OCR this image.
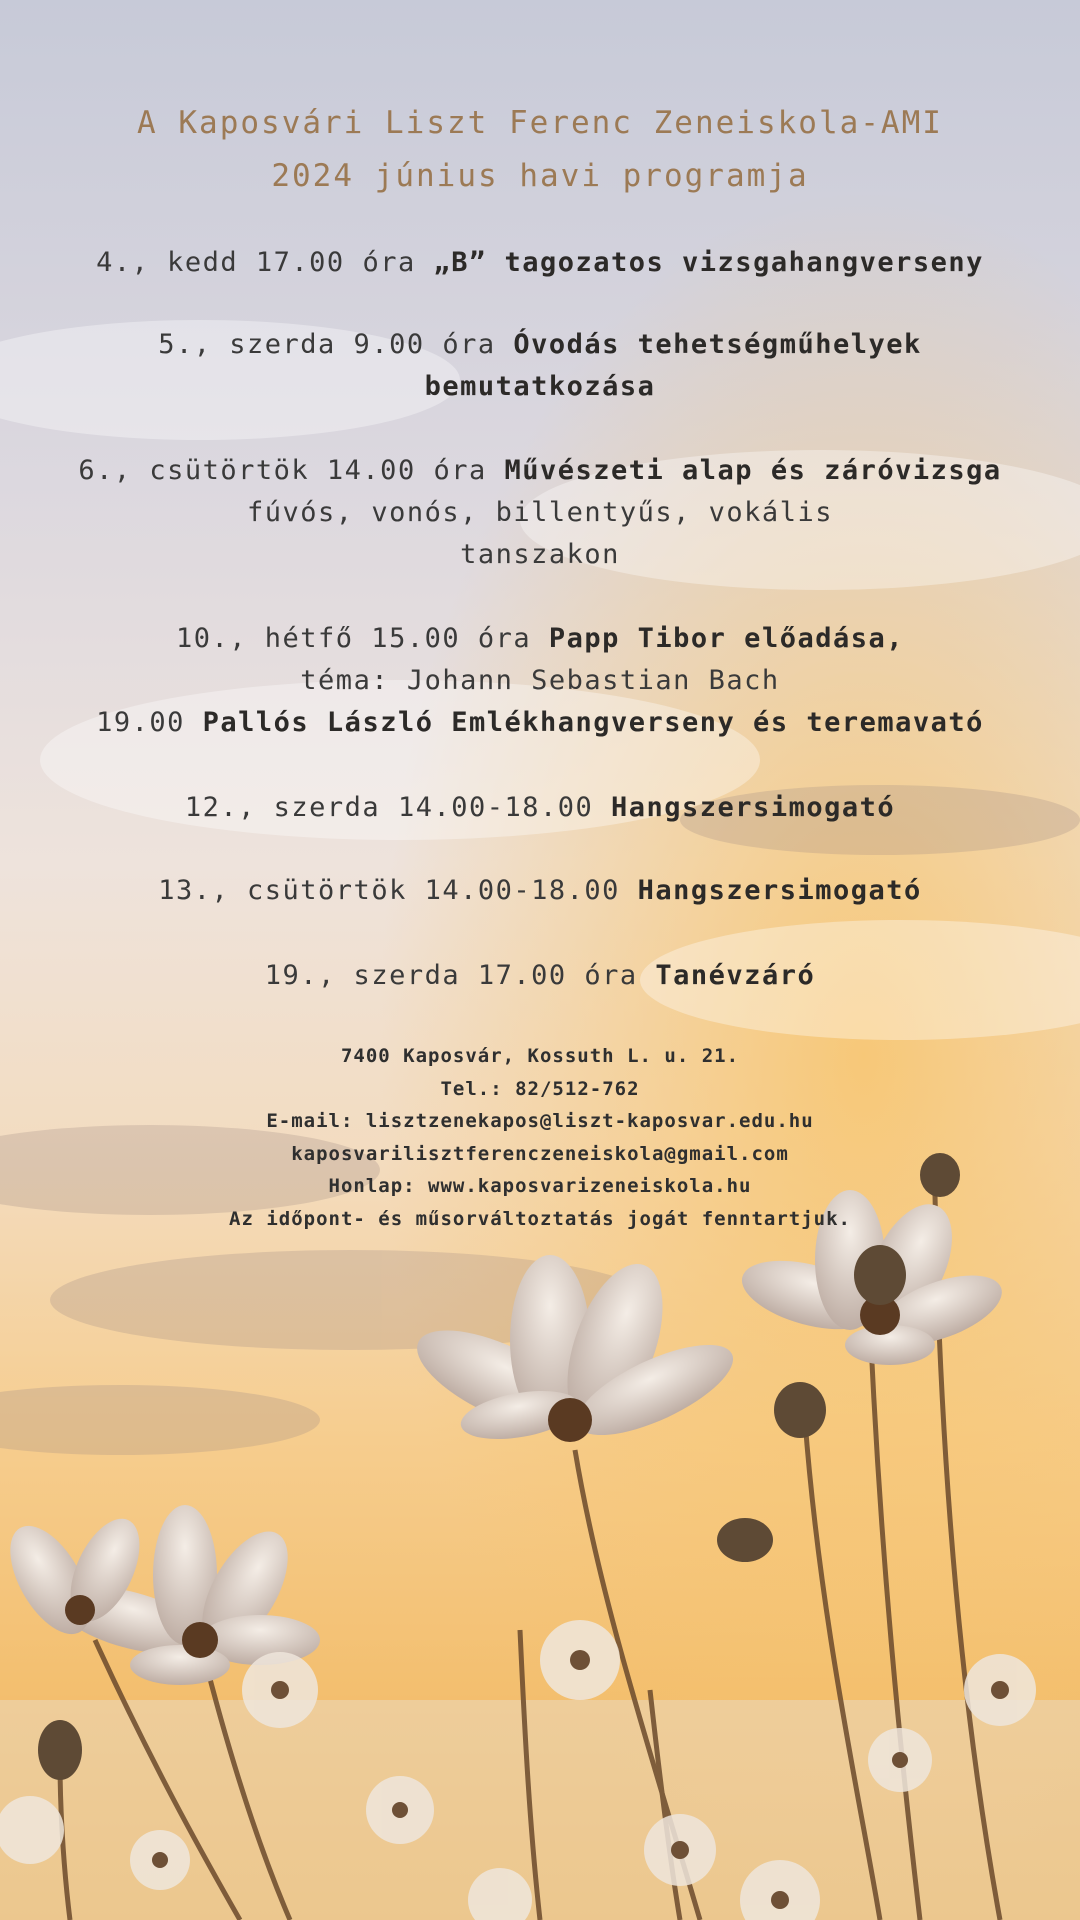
A Kaposvári Liszt Ferenc Zeneiskola-AMI
2024 június havi programja
4., kedd 17.00 óra „B” tagozatos vizsgahangverseny
5., szerda 9.00 óra Óvodás tehetségműhelyek
bemutatkozása
6., csütörtök 14.00 óra Művészeti alap és záróvizsga
fúvós, vonós, billentyűs, vokális
tanszakon
10., hétfő 15.00 óra Papp Tibor előadása,
téma: Johann Sebastian Bach
19.00 Pallós László Emlékhangverseny és teremavató
12., szerda 14.00-18.00 Hangszersimogató
13., csütörtök 14.00-18.00 Hangszersimogató
19., szerda 17.00 óra Tanévzáró
7400 Kaposvár, Kossuth L. u. 21.
Tel.: 82/512-762
E-mail: lisztzenekapos@liszt-kaposvar.edu.hu
kaposvarilisztferenczeneiskola@gmail.com
Honlap: www.kaposvarizeneiskola.hu
Az időpont- és műsorváltoztatás jogát fenntartjuk.
